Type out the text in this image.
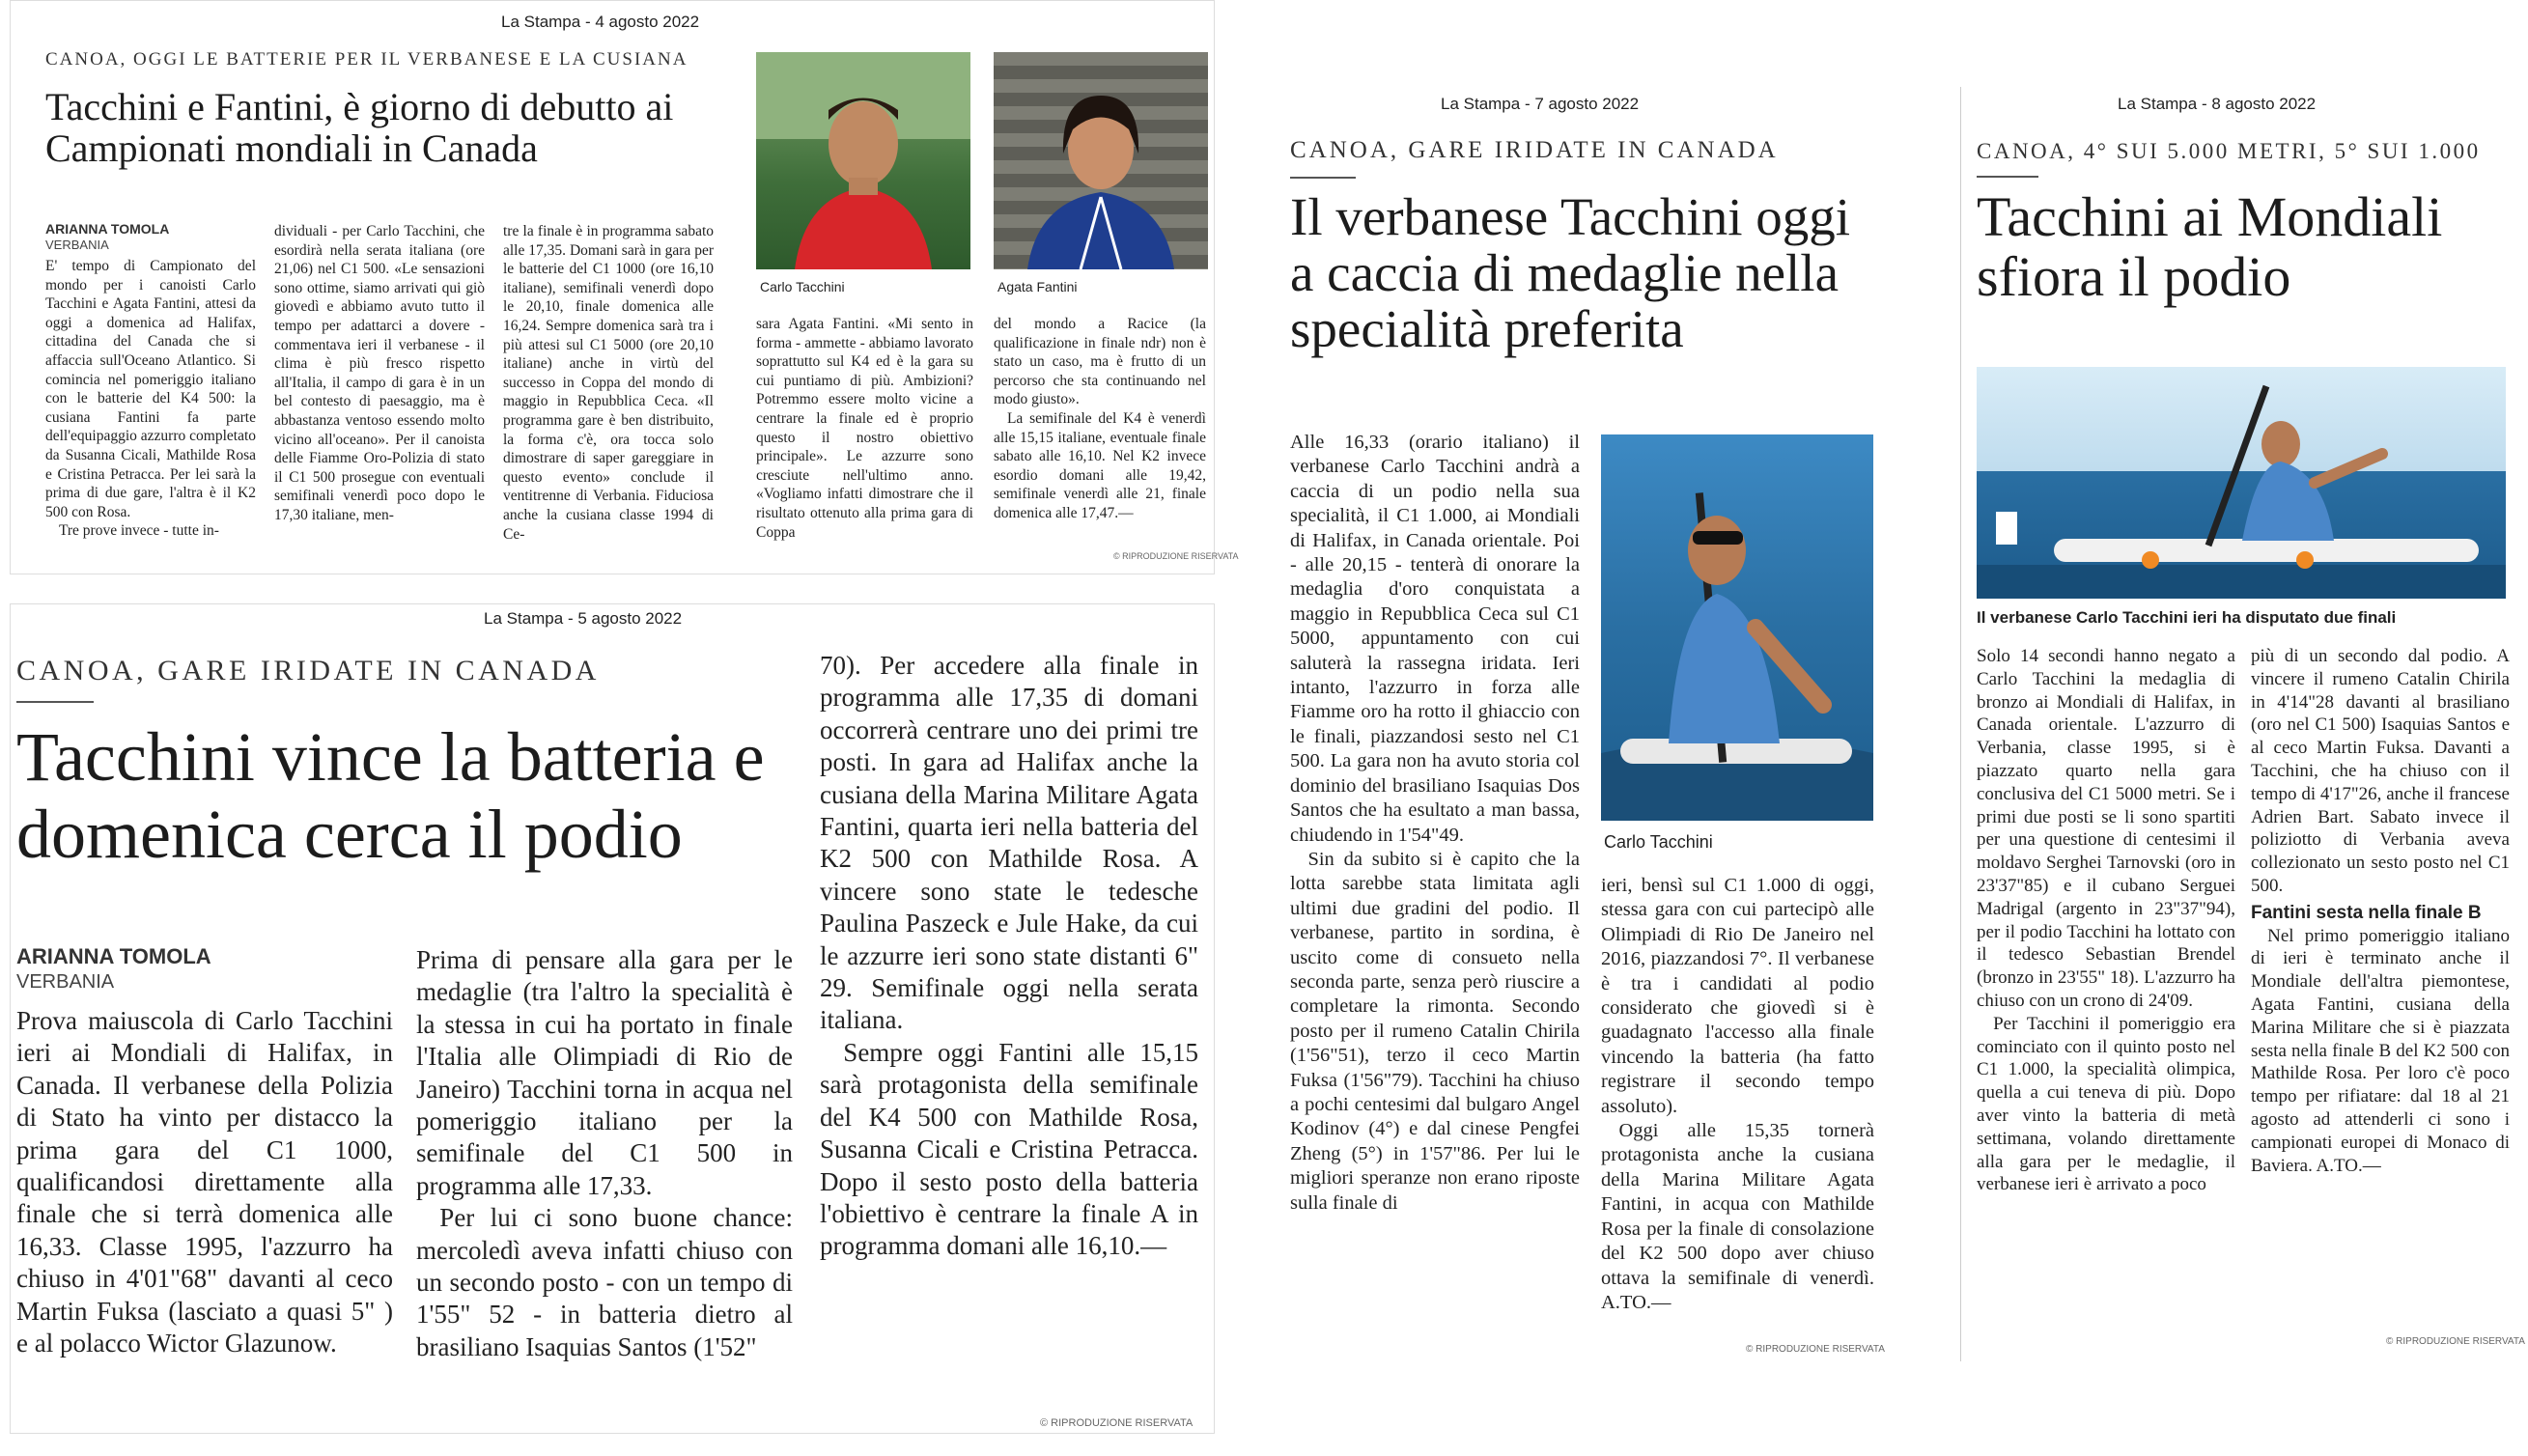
La Stampa - 4 agosto 2022
CANOA, OGGI LE BATTERIE PER IL VERBANESE E LA CUSIANA
Tacchini e Fantini, è giorno di debutto ai Campionati mondiali in Canada
ARIANNA TOMOLA
VERBANIA

E' tempo di Campionato del mondo per i canoisti Carlo Tacchini e Agata Fantini, attesi da oggi a domenica ad Halifax, cittadina del Canada che si affaccia sull'Oceano Atlantico. Si comincia nel pomeriggio italiano con le batterie del K4 500: la cusiana Fantini fa parte dell'equipaggio azzurro completato da Susanna Cicali, Mathilde Rosa e Cristina Petracca. Per lei sarà la prima di due gare, l'altra è il K2 500 con Rosa.

Tre prove invece - tutte in-

dividuali - per Carlo Tacchini, che esordirà nella serata italiana (ore 21,06) nel C1 500. «Le sensazioni sono ottime, siamo arrivati qui giò giovedì e abbiamo avuto tutto il tempo per adattarci a dovere - commentava ieri il verbanese - il clima è più fresco rispetto all'Italia, il campo di gara è in un bel contesto di paesaggio, ma è abbastanza ventoso essendo molto vicino all'oceano». Per il canoista delle Fiamme Oro-Polizia di stato il C1 500 prosegue con eventuali semifinali venerdì poco dopo le 17,30 italiane, men-

tre la finale è in programma sabato alle 17,35. Domani sarà in gara per le batterie del C1 1000 (ore 16,10 italiane), semifinali venerdì dopo le 20,10, finale domenica alle 16,24. Sempre domenica sarà tra i più attesi sul C1 5000 (ore 20,10 italiane) anche in virtù del successo in Coppa del mondo di maggio in Repubblica Ceca. «Il programma gare è ben distribuito, la forma c'è, ora tocca solo dimostrare di saper gareggiare in questo evento» conclude il ventitrenne di Verbania. Fiduciosa anche la cusiana classe 1994 di Ce-

sara Agata Fantini. «Mi sento in forma - ammette - abbiamo lavorato soprattutto sul K4 ed è la gara su cui puntiamo di più. Ambizioni? Potremmo essere molto vicine a centrare la finale ed è proprio questo il nostro obiettivo principale». Le azzurre sono cresciute nell'ultimo anno. «Vogliamo infatti dimostrare che il risultato ottenuto alla prima gara di Coppa

del mondo a Racice (la qualificazione in finale ndr) non è stato un caso, ma è frutto di un percorso che sta continuando nel modo giusto».

La semifinale del K4 è venerdì alle 15,15 italiane, eventuale finale sabato alle 16,10. Nel K2 invece esordio domani alle 19,42, semifinale venerdì alle 21, finale domenica alle 17,47.—

© RIPRODUZIONE RISERVATA
Carlo Tacchini	Agata Fantini
La Stampa - 5 agosto 2022
CANOA, GARE IRIDATE IN CANADA
Tacchini vince la batteria e domenica cerca il podio
ARIANNA TOMOLA
VERBANIA

Prova maiuscola di Carlo Tacchini ieri ai Mondiali di Halifax, in Canada. Il verbanese della Polizia di Stato ha vinto per distacco la prima gara del C1 1000, qualificandosi direttamente alla finale che si terrà domenica alle 16,33. Classe 1995, l'azzurro ha chiuso in 4'01"68" davanti al ceco Martin Fuksa (lasciato a quasi 5" ) e al polacco Wictor Glazunow.

Prima di pensare alla gara per le medaglie (tra l'altro la specialità è la stessa in cui ha portato in finale l'Italia alle Olimpiadi di Rio de Janeiro) Tacchini torna in acqua nel pomeriggio italiano per la semifinale del C1 500 in programma alle 17,33.

Per lui ci sono buone chance: mercoledì aveva infatti chiuso con un secondo posto - con un tempo di 1'55" 52 - in batteria dietro al brasiliano Isaquias Santos (1'52"

70). Per accedere alla finale in programma alle 17,35 di domani occorrerà centrare uno dei primi tre posti. In gara ad Halifax anche la cusiana della Marina Militare Agata Fantini, quarta ieri nella batteria del K2 500 con Mathilde Rosa. A vincere sono state le tedesche Paulina Paszeck e Jule Hake, da cui le azzurre ieri sono state distanti 6" 29. Semifinale oggi nella serata italiana.

Sempre oggi Fantini alle 15,15 sarà protagonista della semifinale del K4 500 con Mathilde Rosa, Susanna Cicali e Cristina Petracca. Dopo il sesto posto della batteria l'obiettivo è centrare la finale A in programma domani alle 16,10.—

© RIPRODUZIONE RISERVATA
La Stampa - 7 agosto 2022
CANOA, GARE IRIDATE IN CANADA
Il verbanese Tacchini oggi a caccia di medaglie nella specialità preferita

Alle 16,33 (orario italiano) il verbanese Carlo Tacchini andrà a caccia di un podio nella sua specialità, il C1 1.000, ai Mondiali di Halifax, in Canada orientale. Poi - alle 20,15 - tenterà di onorare la medaglia d'oro conquistata a maggio in Repubblica Ceca sul C1 5000, appuntamento con cui saluterà la rassegna iridata. Ieri intanto, l'azzurro in forza alle Fiamme oro ha rotto il ghiaccio con le finali, piazzandosi sesto nel C1 500. La gara non ha avuto storia col dominio del brasiliano Isaquias Dos Santos che ha esultato a man bassa, chiudendo in 1'54"49.

Sin da subito si è capito che la lotta sarebbe stata limitata agli ultimi due gradini del podio. Il verbanese, partito in sordina, è uscito come di consueto nella seconda parte, senza però riuscire a completare la rimonta. Secondo posto per il rumeno Catalin Chirila (1'56"51), terzo il ceco Martin Fuksa (1'56"79). Tacchini ha chiuso a pochi centesimi dal bulgaro Angel Kodinov (4°) e dal cinese Pengfei Zheng (5°) in 1'57"86. Per lui le migliori speranze non erano riposte sulla finale di

ieri, bensì sul C1 1.000 di oggi, stessa gara con cui partecipò alle Olimpiadi di Rio De Janeiro nel 2016, piazzandosi 7°. Il verbanese è tra i candidati al podio considerato che giovedì si è guadagnato l'accesso alla finale vincendo la batteria (ha fatto registrare il secondo tempo assoluto).

Oggi alle 15,35 tornerà protagonista anche la cusiana della Marina Militare Agata Fantini, in acqua con Mathilde Rosa per la finale di consolazione del K2 500 dopo aver chiuso ottava la semifinale di venerdì. A.TO.—

Carlo Tacchini
© RIPRODUZIONE RISERVATA
La Stampa - 8 agosto 2022
CANOA, 4° SUI 5.000 METRI, 5° SUI 1.000
Tacchini ai Mondiali sfiora il podio
Il verbanese Carlo Tacchini ieri ha disputato due finali

Solo 14 secondi hanno negato a Carlo Tacchini la medaglia di bronzo ai Mondiali di Halifax, in Canada orientale. L'azzurro di Verbania, classe 1995, si è piazzato quarto nella gara conclusiva del C1 5000 metri. Se i primi due posti se li sono spartiti per una questione di centesimi il moldavo Serghei Tarnovski (oro in 23'37"85) e il cubano Serguei Madrigal (argento in 23"37"94), per il podio Tacchini ha lottato con il tedesco Sebastian Brendel (bronzo in 23'55" 18). L'azzurro ha chiuso con un crono di 24'09.

Per Tacchini il pomeriggio era cominciato con il quinto posto nel C1 1.000, la specialità olimpica, quella a cui teneva di più. Dopo aver vinto la batteria di metà settimana, volando direttamente alla gara per le medaglie, il verbanese ieri è arrivato a poco

più di un secondo dal podio. A vincere il rumeno Catalin Chirila in 4'14"28 davanti al brasiliano (oro nel C1 500) Isaquias Santos e al ceco Martin Fuksa. Davanti a Tacchini, che ha chiuso con il tempo di 4'17"26, anche il francese Adrien Bart. Sabato invece il poliziotto di Verbania aveva collezionato un sesto posto nel C1 500.

Fantini sesta nella finale B

Nel primo pomeriggio italiano di ieri è terminato anche il Mondiale dell'altra piemontese, Agata Fantini, cusiana della Marina Militare che si è piazzata sesta nella finale B del K2 500 con Mathilde Rosa. Per loro c'è poco tempo per rifiatare: dal 18 al 21 agosto ad attenderli ci sono i campionati europei di Monaco di Baviera. A.TO.—

© RIPRODUZIONE RISERVATA
